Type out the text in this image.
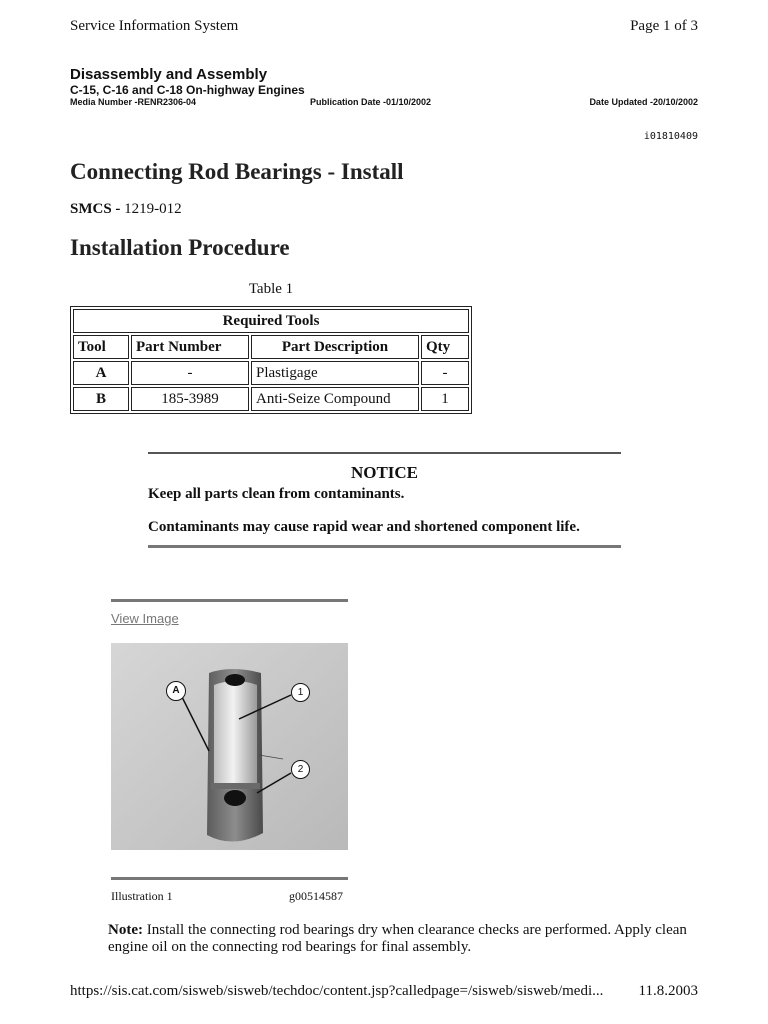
Service Information System	Page 1 of 3
Disassembly and Assembly
C-15, C-16 and C-18 On-highway Engines
Media Number -RENR2306-04	Publication Date -01/10/2002	Date Updated -20/10/2002
i01810409
Connecting Rod Bearings - Install
SMCS - 1219-012
Installation Procedure
Table 1
Required Tools			
Tool	Part Number	Part Description	Qty
A	-	Plastigage	-
B	185-3989	Anti-Seize Compound	1
NOTICE
Keep all parts clean from contaminants.
Contaminants may cause rapid wear and shortened component life.
View Image
A	1
2
Illustration 1	g00514587
Note: Install the connecting rod bearings dry when clearance checks are performed. Apply clean engine oil on the connecting rod bearings for final assembly.
https://sis.cat.com/sisweb/sisweb/techdoc/content.jsp?calledpage=/sisweb/sisweb/medi... 11.8.2003
